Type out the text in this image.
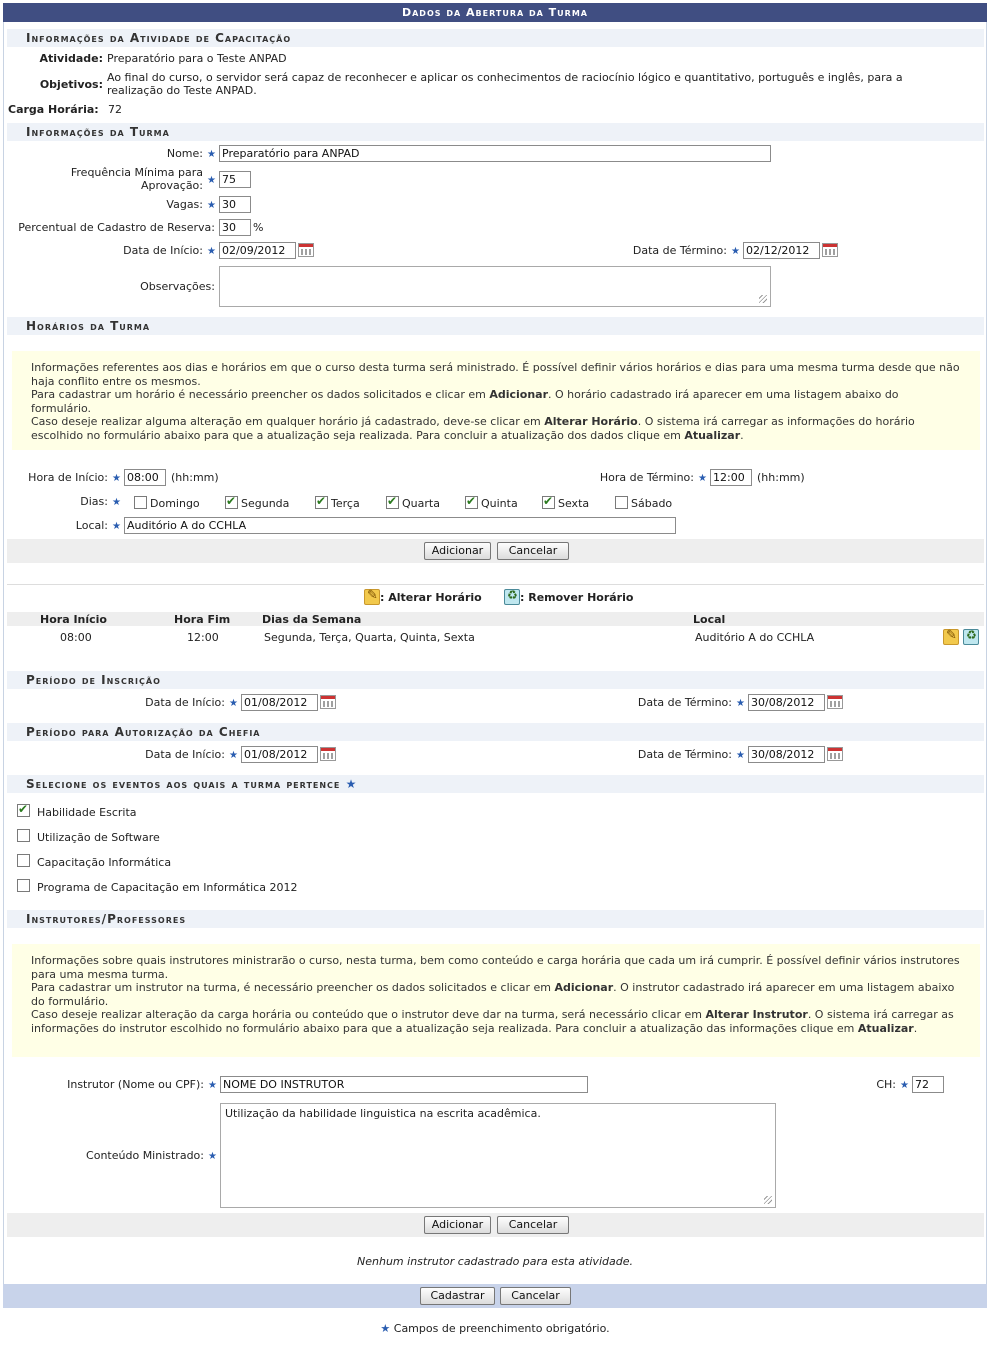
Dados da Abertura da Turma
Informações da Atividade de Capacitação
Atividade: Preparatório para o Teste ANPAD
Objetivos:
Ao final do curso, o servidor será capaz de reconhecer e aplicar os conhecimentos de raciocínio lógico e quantitativo, português e inglês, para a
realização do Teste ANPAD.
Carga Horária: 72
Informações da Turma
Nome: ★ Preparatório para ANPAD
Frequência Mínima para
Aprovação: ★ 75
Vagas: ★ 30
Percentual de Cadastro de Reserva: 30	%
Data de Início: ★ 02/09/2012	Data de Término: ★ 02/12/2012
Observações:
Horários da Turma

Informações referentes aos dias e horários em que o curso desta turma será ministrado. É possível definir vários horários e dias para uma mesma turma desde que não haja conflito entre os mesmos.

Para cadastrar um horário é necessário preencher os dados solicitados e clicar em Adicionar. O horário cadastrado irá aparecer em uma listagem abaixo do formulário.

Caso deseje realizar alguma alteração em qualquer horário já cadastrado, deve-se clicar em Alterar Horário. O sistema irá carregar as informações do horário escolhido no formulário abaixo para que a atualização seja realizada. Para concluir a atualização dos dados clique em Atualizar.

Hora de Início: ★ 08:00	(hh:mm)	Hora de Término: ★ 12:00	(hh:mm)
Dias: ★	Domingo ✔	Segunda ✔	Terça ✔	Quarta ✔	Quinta ✔	Sexta	Sábado
Local: ★ Auditório A do CCHLA
Adicionar	Cancelar
✎
: Alterar Horário ♻	: Remover Horário
Hora Início	Hora Fim	Dias da Semana	Local
08:00	12:00	Segunda, Terça, Quarta, Quinta, Sexta	Auditório A do CCHLA
✎
♻
Período de Inscrição
Data de Início: ★ 01/08/2012	Data de Término: ★ 30/08/2012
Período para Autorização da Chefia
Data de Início: ★ 01/08/2012	Data de Término: ★ 30/08/2012
Selecione os eventos aos quais a turma pertence ★
✔
Habilidade Escrita
Utilização de Software
Capacitação Informática
Programa de Capacitação em Informática 2012
Instrutores/Professores

Informações sobre quais instrutores ministrarão o curso, nesta turma, bem como conteúdo e carga horária que cada um irá cumprir. É possível definir vários instrutores para uma mesma turma.

Para cadastrar um instrutor na turma, é necessário preencher os dados solicitados e clicar em Adicionar. O instrutor cadastrado irá aparecer em uma listagem abaixo do formulário.

Caso deseje realizar alteração da carga horária ou conteúdo que o instrutor deve dar na turma, será necessário clicar em Alterar Instrutor. O sistema irá carregar as informações do instrutor escolhido no formulário abaixo para que a atualização seja realizada. Para concluir a atualização das informações clique em Atualizar.

Instrutor (Nome ou CPF): ★ NOME DO INSTRUTOR	CH: ★ 72
Conteúdo Ministrado: ★
Utilização da habilidade linguistica na escrita acadêmica.
Adicionar	Cancelar
Nenhum instrutor cadastrado para esta atividade.
Cadastrar	Cancelar
★ Campos de preenchimento obrigatório.
